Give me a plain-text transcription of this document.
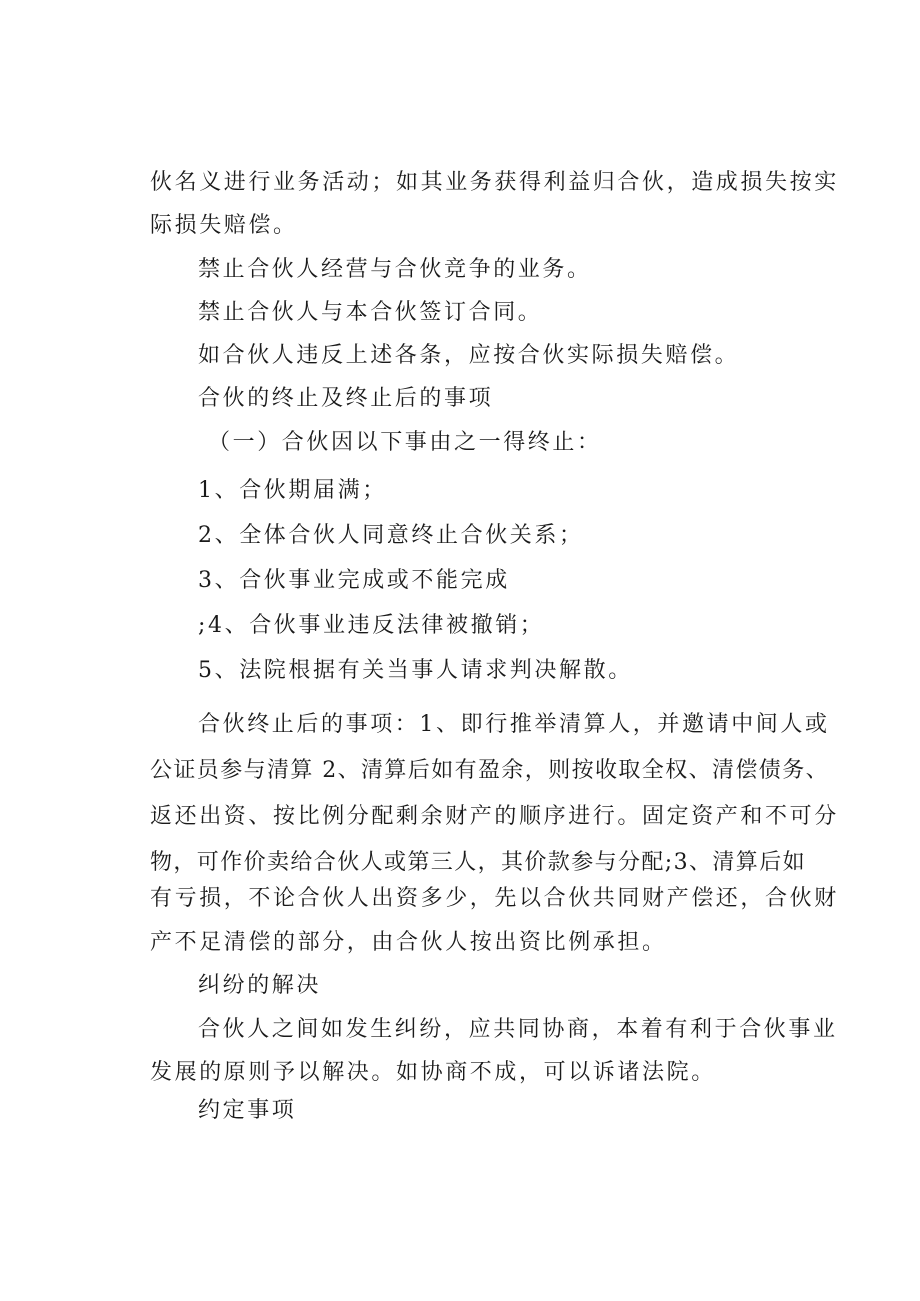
伙名义进行业务活动；如其业务获得利益归合伙，造成损失按实

际损失赔偿。

禁止合伙人经营与合伙竞争的业务。

禁止合伙人与本合伙签订合同。

如合伙人违反上述各条，应按合伙实际损失赔偿。

合伙的终止及终止后的事项

（一）合伙因以下事由之一得终止：

1、合伙期届满；

2、全体合伙人同意终止合伙关系；

3、合伙事业完成或不能完成

;4、合伙事业违反法律被撤销；

5、法院根据有关当事人请求判决解散。

合伙终止后的事项：1、即行推举清算人，并邀请中间人或

公证员参与清算 2、清算后如有盈余，则按收取全权、清偿债务、

返还出资、按比例分配剩余财产的顺序进行。固定资产和不可分

物，可作价卖给合伙人或第三人，其价款参与分配;3、清算后如

有亏损，不论合伙人出资多少，先以合伙共同财产偿还，合伙财

产不足清偿的部分，由合伙人按出资比例承担。

纠纷的解决

合伙人之间如发生纠纷，应共同协商，本着有利于合伙事业

发展的原则予以解决。如协商不成，可以诉诸法院。

约定事项
